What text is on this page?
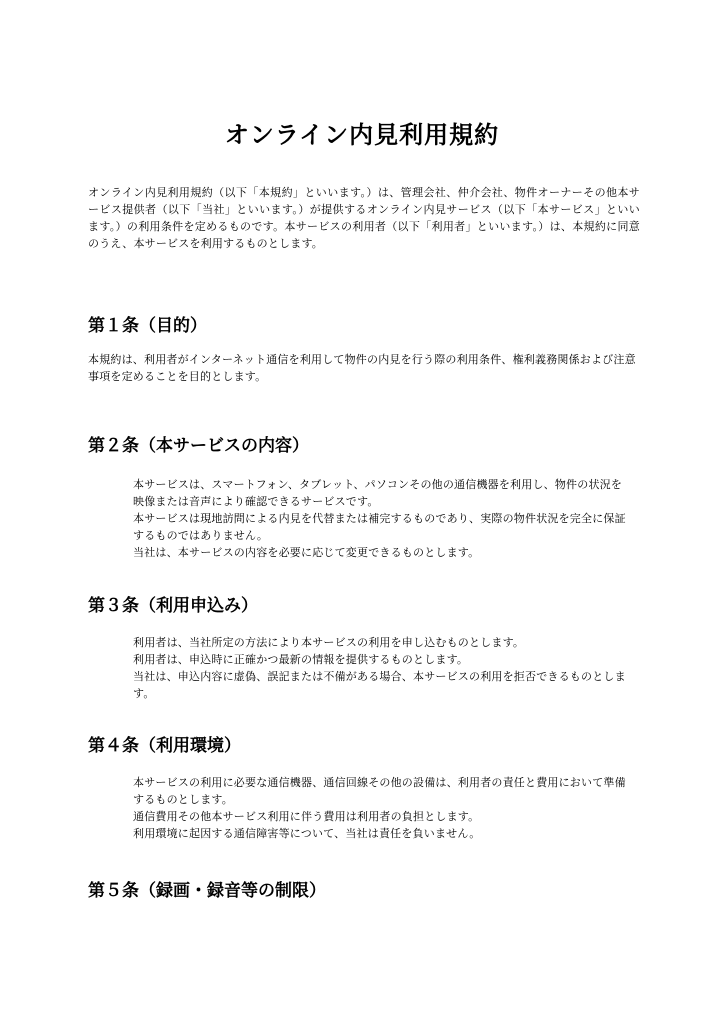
オンライン内見利用規約

オンライン内見利用規約（以下「本規約」といいます。）は、管理会社、仲介会社、物件オーナーその他本サービス提供者（以下「当社」といいます。）が提供するオンライン内見サービス（以下「本サービス」といいます。）の利用条件を定めるものです。本サービスの利用者（以下「利用者」といいます。）は、本規約に同意のうえ、本サービスを利用するものとします。

第１条（目的）

本規約は、利用者がインターネット通信を利用して物件の内見を行う際の利用条件、権利義務関係および注意事項を定めることを目的とします。

第２条（本サービスの内容）
本サービスは、スマートフォン、タブレット、パソコンその他の通信機器を利用し、物件の状況を映像または音声により確認できるサービスです。
本サービスは現地訪問による内見を代替または補完するものであり、実際の物件状況を完全に保証するものではありません。
当社は、本サービスの内容を必要に応じて変更できるものとします。
第３条（利用申込み）
利用者は、当社所定の方法により本サービスの利用を申し込むものとします。
利用者は、申込時に正確かつ最新の情報を提供するものとします。
当社は、申込内容に虚偽、誤記または不備がある場合、本サービスの利用を拒否できるものとします。
第４条（利用環境）
本サービスの利用に必要な通信機器、通信回線その他の設備は、利用者の責任と費用において準備するものとします。
通信費用その他本サービス利用に伴う費用は利用者の負担とします。
利用環境に起因する通信障害等について、当社は責任を負いません。
第５条（録画・録音等の制限）
